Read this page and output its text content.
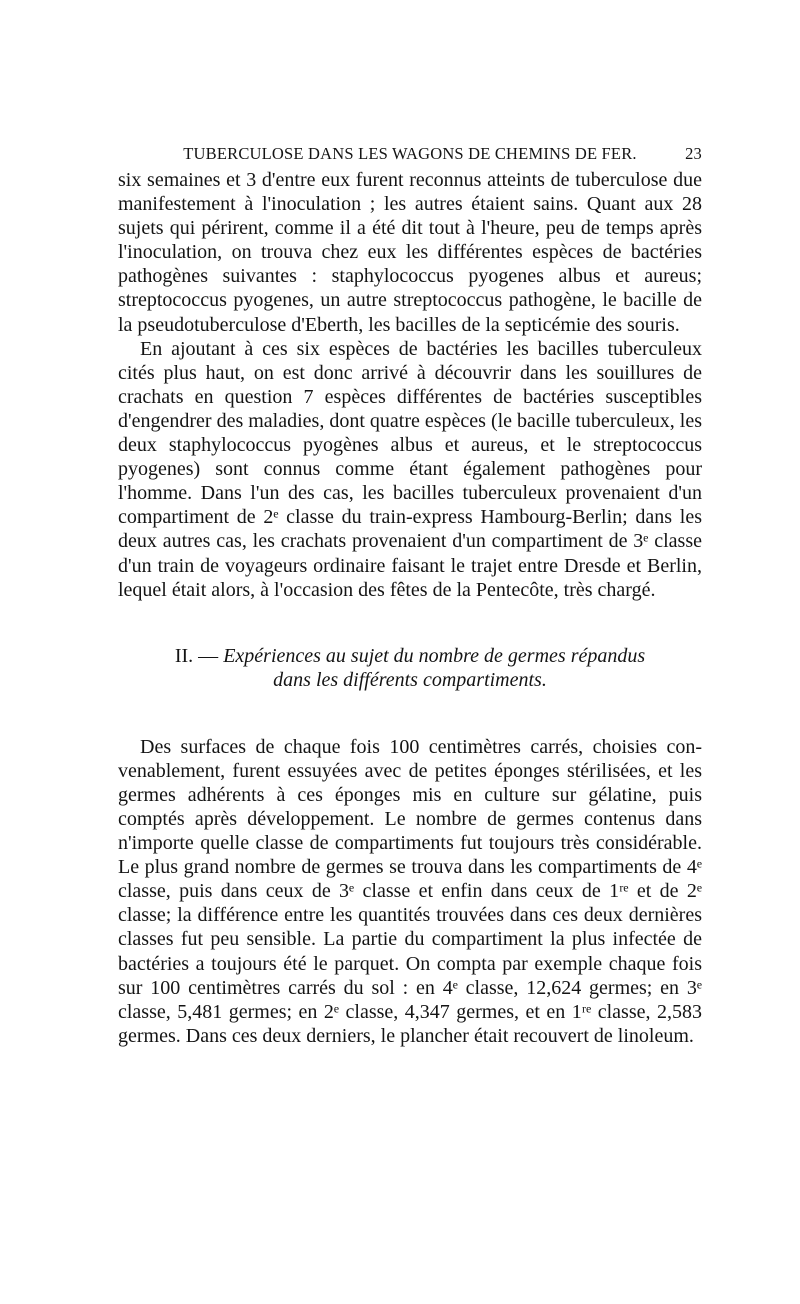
TUBERCULOSE DANS LES WAGONS DE CHEMINS DE FER.	23

six semaines et 3 d'entre eux furent reconnus atteints de tuberculose due manifestement à l'inoculation ; les autres étaient sains. Quant aux 28 sujets qui périrent, comme il a été dit tout à l'heure, peu de temps après l'inoculation, on trouva chez eux les différentes espèces de bactéries pathogènes suivantes : staphylococcus pyogenes albus et aureus; streptococcus pyogenes, un autre streptococcus pathogène, le bacille de la pseudotuberculose d'Eberth, les bacilles de la septicémie des souris.

En ajoutant à ces six espèces de bactéries les bacilles tuberculeux cités plus haut, on est donc arrivé à découvrir dans les souillures de crachats en question 7 espèces différentes de bactéries susceptibles d'engendrer des maladies, dont quatre espèces (le bacille tuberculeux, les deux staphylococcus pyogènes albus et aureus, et le streptococcus pyogenes) sont connus comme étant également pathogènes pour l'homme. Dans l'un des cas, les bacilles tuberculeux provenaient d'un compartiment de 2ᵉ classe du train-express Hambourg-Berlin; dans les deux autres cas, les crachats provenaient d'un compartiment de 3ᵉ classe d'un train de voyageurs ordinaire faisant le trajet entre Dresde et Berlin, lequel était alors, à l'occasion des fêtes de la Pentecôte, très chargé.

II. — Expériences au sujet du nombre de germes répandus
dans les différents compartiments.

Des surfaces de chaque fois 100 centimètres carrés, choisies convenablement, furent essuyées avec de petites éponges stérilisées, et les germes adhérents à ces éponges mis en culture sur gélatine, puis comptés après développement. Le nombre de germes contenus dans n'importe quelle classe de compartiments fut toujours très considérable. Le plus grand nombre de germes se trouva dans les compartiments de 4ᵉ classe, puis dans ceux de 3ᵉ classe et enfin dans ceux de 1ʳᵉ et de 2ᵉ classe; la différence entre les quantités trouvées dans ces deux dernières classes fut peu sensible. La partie du compartiment la plus infectée de bactéries a toujours été le parquet. On compta par exemple chaque fois sur 100 centimètres carrés du sol : en 4ᵉ classe, 12,624 germes; en 3ᵉ classe, 5,481 germes; en 2ᵉ classe, 4,347 germes, et en 1ʳᵉ classe, 2,583 germes. Dans ces deux derniers, le plancher était recouvert de linoleum.
